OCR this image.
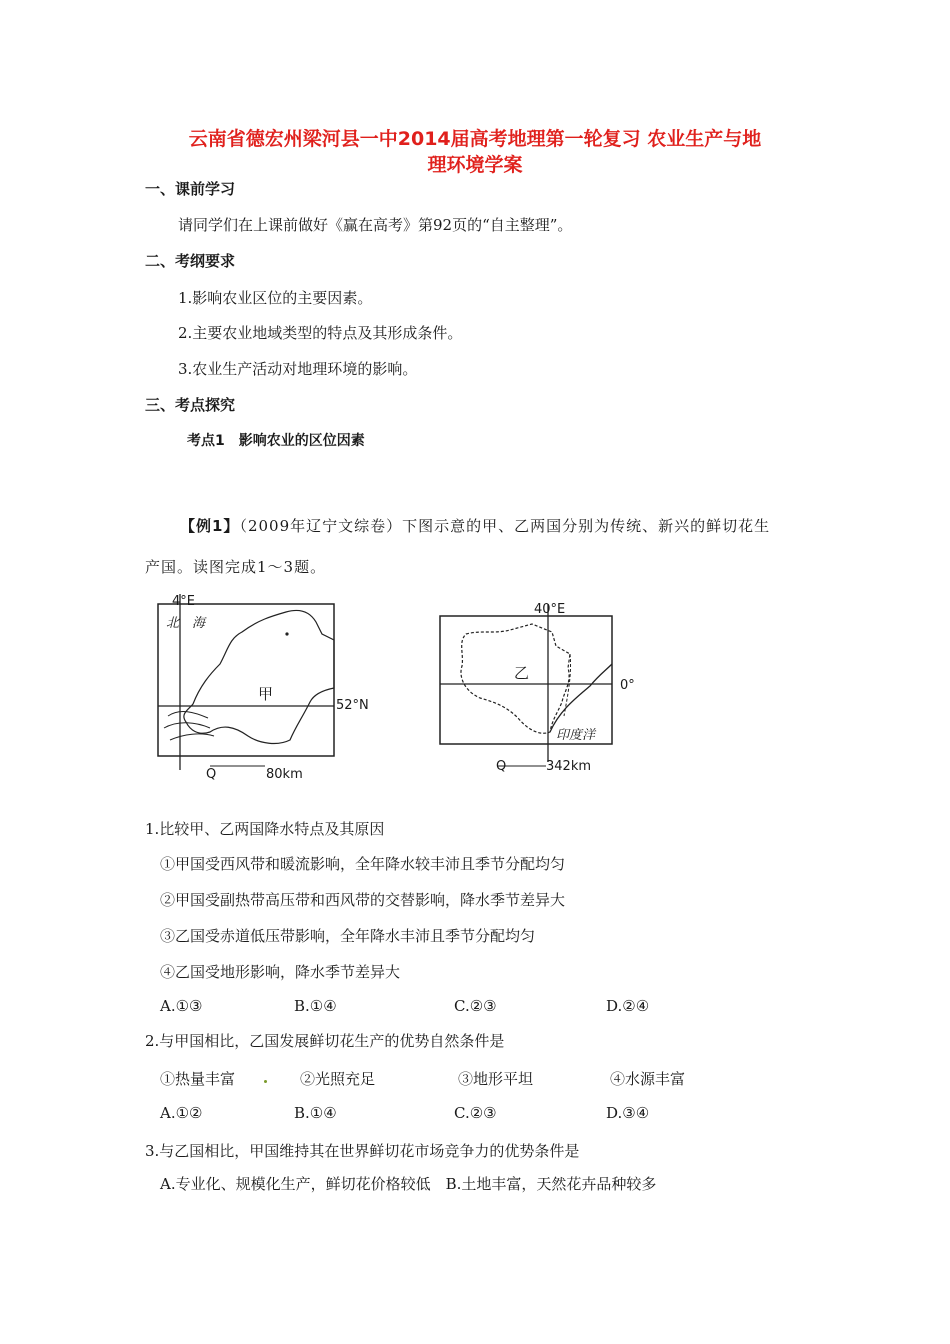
云南省德宏州梁河县一中2014届高考地理第一轮复习 农业生产与地
理环境学案
一、课前学习
请同学们在上课前做好《赢在高考》第92页的“自主整理”。
二、考纲要求
1.影响农业区位的主要因素。
2.主要农业地域类型的特点及其形成条件。
3.农业生产活动对地理环境的影响。
三、考点探究
考点1　影响农业的区位因素
【例1】（2009年辽宁文综卷）下图示意的甲、乙两国分别为传统、新兴的鲜切花生
产国。读图完成1～3题。
4°E
北　海
甲
52°N
Q	80km
40°E
乙
0°
印度洋
Q	342km
1.比较甲、乙两国降水特点及其原因
①甲国受西风带和暖流影响，全年降水较丰沛且季节分配均匀
②甲国受副热带高压带和西风带的交替影响，降水季节差异大
③乙国受赤道低压带影响，全年降水丰沛且季节分配均匀
④乙国受地形影响，降水季节差异大
A.①③	B.①④	C.②③	D.②④
2.与甲国相比，乙国发展鲜切花生产的优势自然条件是
①热量丰富	②光照充足	③地形平坦	④水源丰富
A.①②	B.①④	C.②③	D.③④
3.与乙国相比，甲国维持其在世界鲜切花市场竞争力的优势条件是
A.专业化、规模化生产，鲜切花价格较低　B.土地丰富，天然花卉品种较多
